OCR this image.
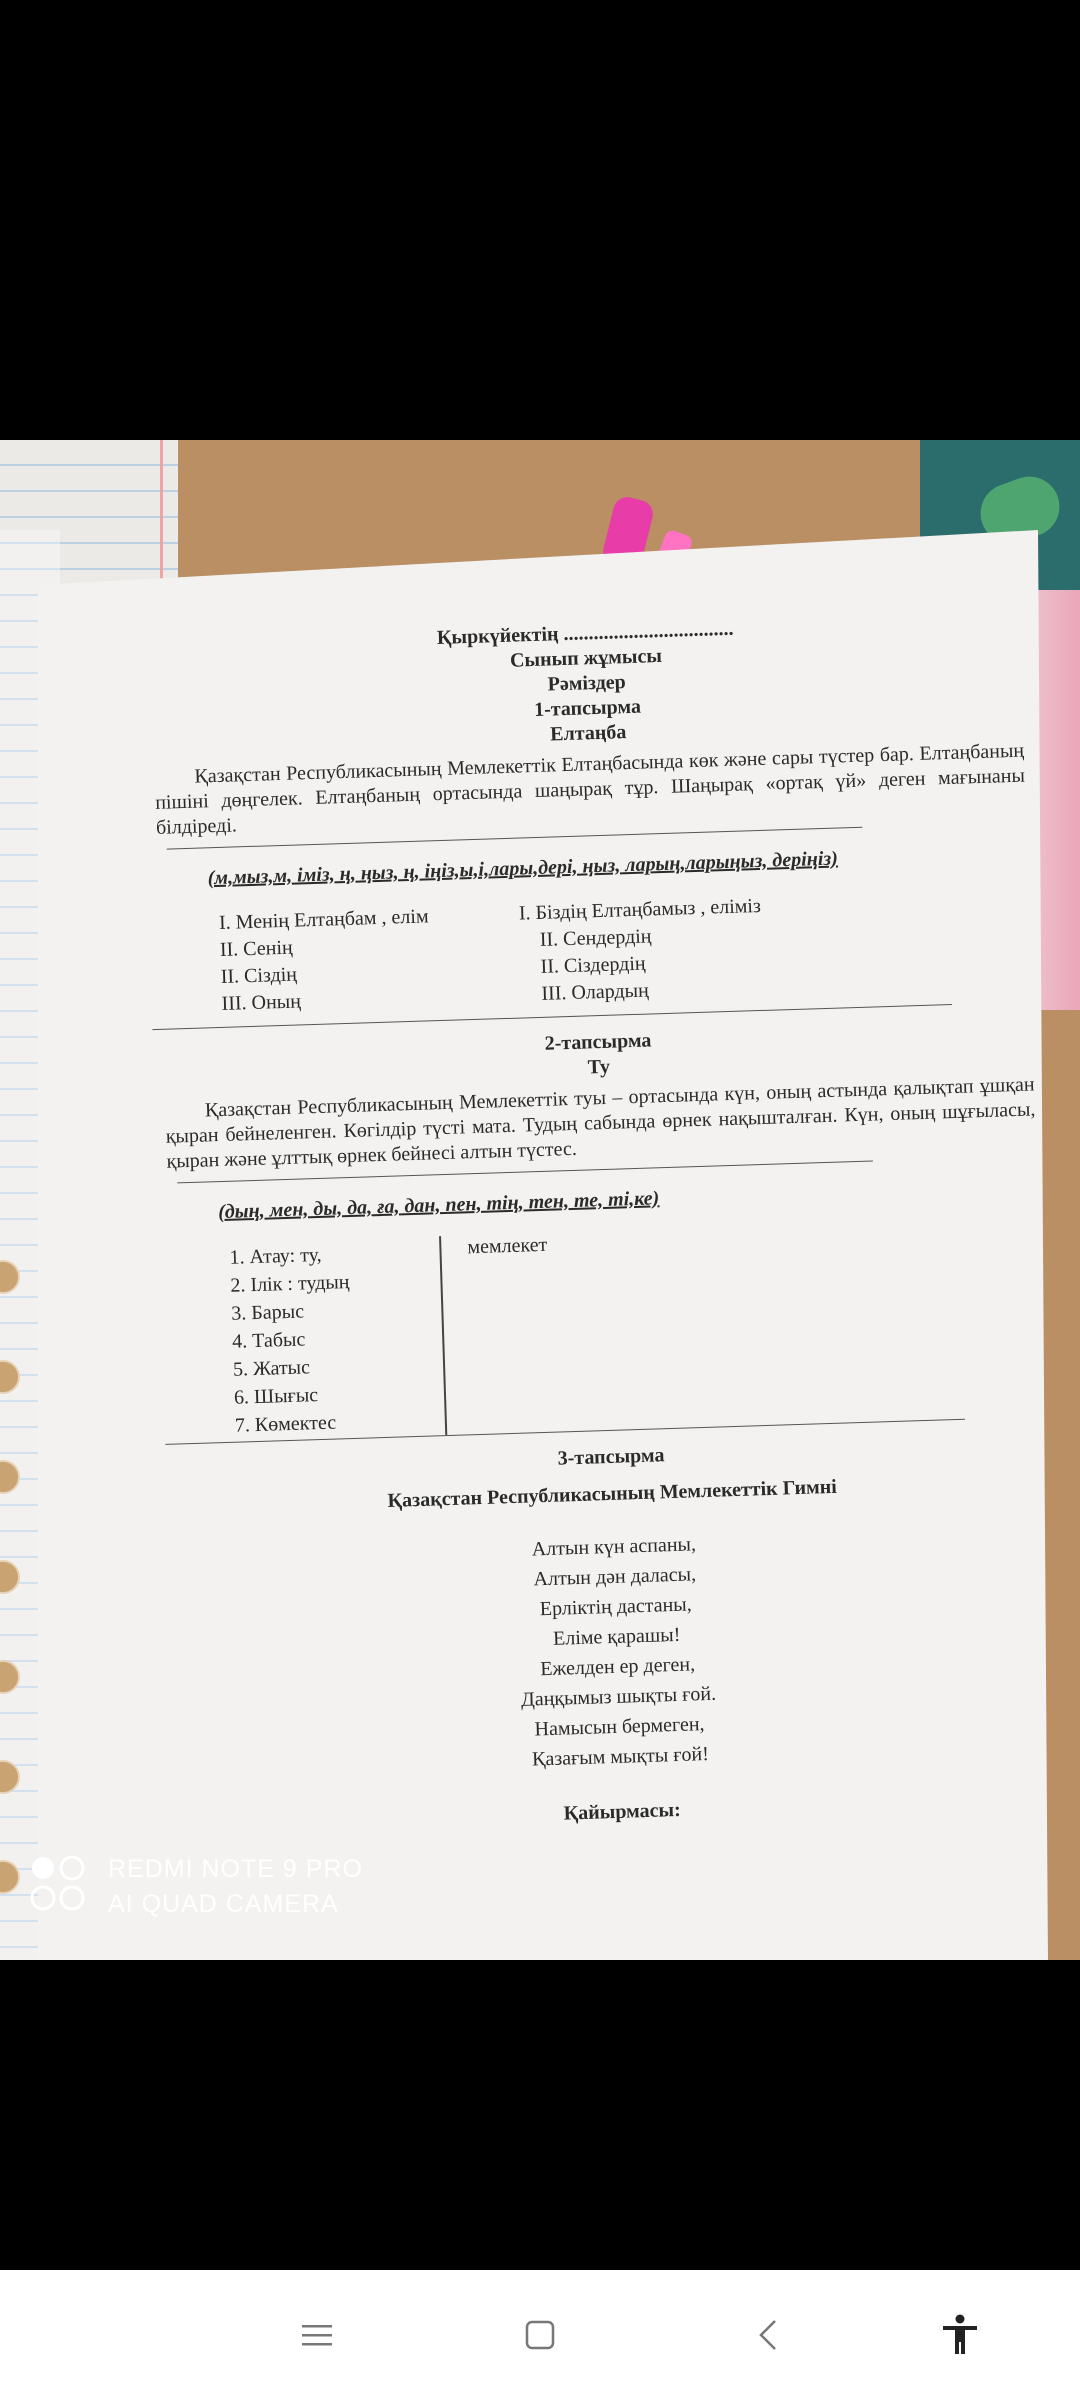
Қыркүйектің ..................................
Сынып жұмысы
Рәміздер
1-тапсырма
Елтаңба

Қазақстан Республикасының Мемлекеттік Елтаңбасында көк және сары түстер бар. Елтаңбаның пішіні дөңгелек. Елтаңбаның ортасында шаңырақ тұр. Шаңырақ «ортақ үй» деген мағынаны білдіреді.

(м,мыз,м, іміз, ң, ңыз, ң, іңіз,ы,і,лары,дері, ңыз, ларың,ларыңыз, деріңіз)
I. Менің Елтаңбам , елім
II. Сенің
II. Сіздің
III. Оның
I. Біздің Елтаңбамыз , еліміз
II. Сендердің
II. Сіздердің
III. Олардың
2-тапсырма
Ту

Қазақстан Республикасының Мемлекеттік туы – ортасында күн, оның астында қалықтап ұшқан қыран бейнеленген. Көгілдір түсті мата. Тудың сабында өрнек нақышталған. Күн, оның шұғыласы, қыран және ұлттық өрнек бейнесі алтын түстес.

(дың, мен, ды, да, ға, дан, пен, тің, тен, те, ті,ке)
1. Атау: ту,
2. Ілік : тудың
3. Барыс
4. Табыс
5. Жатыс
6. Шығыс
7. Көмектес
мемлекет
3-тапсырма
Қазақстан Республикасының Мемлекеттік Гимні
Алтын күн аспаны,
Алтын дән даласы,
Ерліктің дастаны,
Еліме қарашы!
Ежелден ер деген,
Даңқымыз шықты ғой.
Намысын бермеген,
Қазағым мықты ғой!
Қайырмасы:
REDMI NOTE 9 PRO
AI QUAD CAMERA
